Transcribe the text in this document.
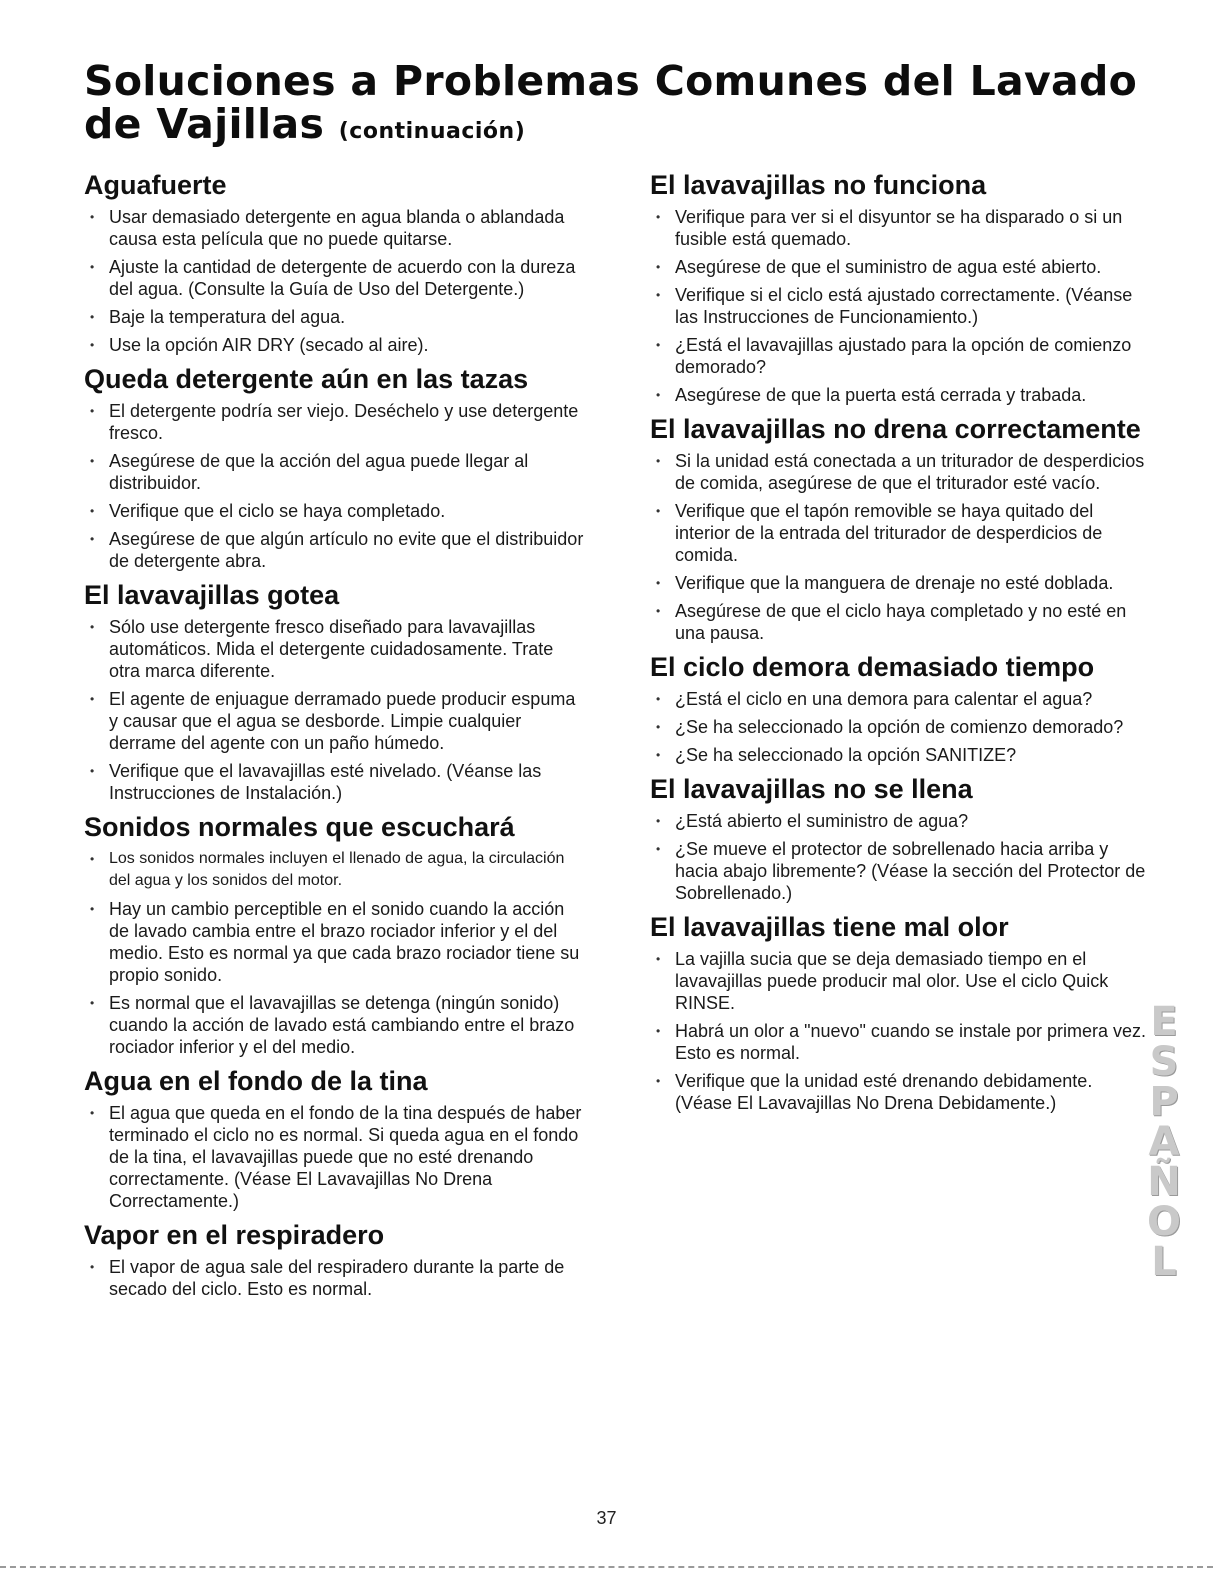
Soluciones a Problemas Comunes del Lavado de Vajillas (continuación)
Aguafuerte
• Usar demasiado detergente en agua blanda o ablandada causa esta película que no puede quitarse.
• Ajuste la cantidad de detergente de acuerdo con la dureza del agua. (Consulte la Guía de Uso del Detergente.)
• Baje la temperatura del agua.
• Use la opción AIR DRY (secado al aire).
Queda detergente aún en las tazas
• El detergente podría ser viejo. Deséchelo y use detergente fresco.
• Asegúrese de que la acción del agua puede llegar al distribuidor.
• Verifique que el ciclo se haya completado.
• Asegúrese de que algún artículo no evite que el distribuidor de detergente abra.
El lavavajillas gotea
• Sólo use detergente fresco diseñado para lavavajillas automáticos. Mida el detergente cuidadosamente. Trate otra marca diferente.
• El agente de enjuague derramado puede producir espuma y causar que el agua se desborde. Limpie cualquier derrame del agente con un paño húmedo.
• Verifique que el lavavajillas esté nivelado. (Véanse las Instrucciones de Instalación.)
Sonidos normales que escuchará
• Los sonidos normales incluyen el llenado de agua, la circulación del agua y los sonidos del motor.
• Hay un cambio perceptible en el sonido cuando la acción de lavado cambia entre el brazo rociador inferior y el del medio. Esto es normal ya que cada brazo rociador tiene su propio sonido.
• Es normal que el lavavajillas se detenga (ningún sonido) cuando la acción de lavado está cambiando entre el brazo rociador inferior y el del medio.
Agua en el fondo de la tina
• El agua que queda en el fondo de la tina después de haber terminado el ciclo no es normal. Si queda agua en el fondo de la tina, el lavavajillas puede que no esté drenando correctamente. (Véase El Lavavajillas No Drena Correctamente.)
Vapor en el respiradero
• El vapor de agua sale del respiradero durante la parte de secado del ciclo. Esto es normal.
El lavavajillas no funciona
• Verifique para ver si el disyuntor se ha disparado o si un fusible está quemado.
• Asegúrese de que el suministro de agua esté abierto.
• Verifique si el ciclo está ajustado correctamente. (Véanse las Instrucciones de Funcionamiento.)
• ¿Está el lavavajillas ajustado para la opción de comienzo demorado?
• Asegúrese de que la puerta está cerrada y trabada.
El lavavajillas no drena correctamente
• Si la unidad está conectada a un triturador de desperdicios de comida, asegúrese de que el triturador esté vacío.
• Verifique que el tapón removible se haya quitado del interior de la entrada del triturador de desperdicios de comida.
• Verifique que la manguera de drenaje no esté doblada.
• Asegúrese de que el ciclo haya completado y no esté en una pausa.
El ciclo demora demasiado tiempo
• ¿Está el ciclo en una demora para calentar el agua?
• ¿Se ha seleccionado la opción de comienzo demorado?
• ¿Se ha seleccionado la opción SANITIZE?
El lavavajillas no se llena
• ¿Está abierto el suministro de agua?
• ¿Se mueve el protector de sobrellenado hacia arriba y hacia abajo libremente? (Véase la sección del Protector de Sobrellenado.)
El lavavajillas tiene mal olor
• La vajilla sucia que se deja demasiado tiempo en el lavavajillas puede producir mal olor. Use el ciclo Quick RINSE.
• Habrá un olor a "nuevo" cuando se instale por primera vez. Esto es normal.
• Verifique que la unidad esté drenando debidamente. (Véase El Lavavajillas No Drena Debidamente.)
E
S
P
A
Ñ
O
L
37
